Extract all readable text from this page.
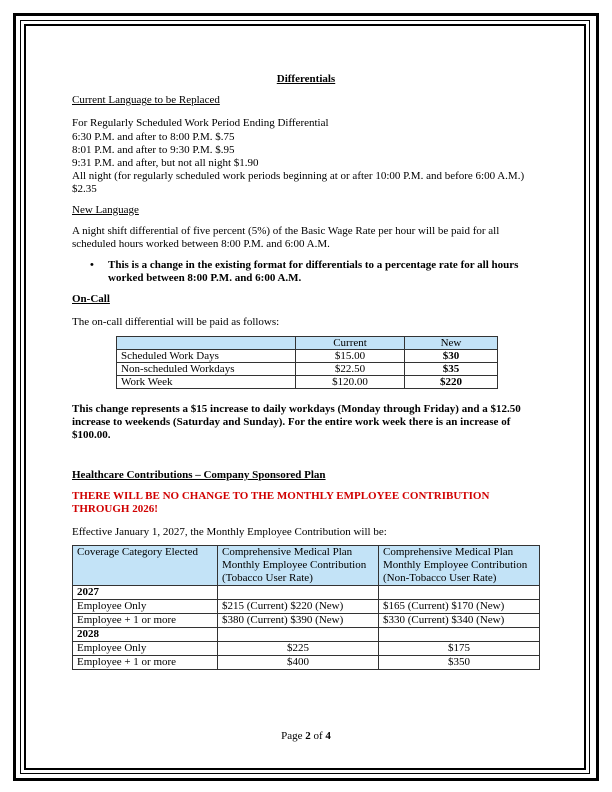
Differentials

Current Language to be Replaced

For Regularly Scheduled Work Period Ending Differential

6:30 P.M. and after to 8:00 P.M. $.75

8:01 P.M. and after to 9:30 P.M. $.95

9:31 P.M. and after, but not all night $1.90

All night (for regularly scheduled work periods beginning at or after 10:00 P.M. and before 6:00 A.M.) $2.35

New Language

A night shift differential of five percent (5%) of the Basic Wage Rate per hour will be paid for all scheduled hours worked between 8:00 P.M. and 6:00 A.M.

• This is a change in the existing format for differentials to a percentage rate for all hours worked between 8:00 P.M. and 6:00 A.M.

On-Call

The on-call differential will be paid as follows:

	Current	New
Scheduled Work Days	$15.00	$30
Non-scheduled Workdays	$22.50	$35
Work Week	$120.00	$220

This change represents a $15 increase to daily workdays (Monday through Friday) and a $12.50 increase to weekends (Saturday and Sunday). For the entire work week there is an increase of $100.00.

Healthcare Contributions – Company Sponsored Plan

THERE WILL BE NO CHANGE TO THE MONTHLY EMPLOYEE CONTRIBUTION THROUGH 2026!

Effective January 1, 2027, the Monthly Employee Contribution will be:

Coverage Category Elected	Comprehensive Medical Plan Monthly Employee Contribution (Tobacco User Rate)	Comprehensive Medical Plan Monthly Employee Contribution (Non-Tobacco User Rate)
2027		
Employee Only	$215 (Current) $220 (New)	$165 (Current) $170 (New)
Employee + 1 or more	$380 (Current) $390 (New)	$330 (Current) $340 (New)
2028		
Employee Only	$225	$175
Employee + 1 or more	$400	$350
Page 2 of 4
